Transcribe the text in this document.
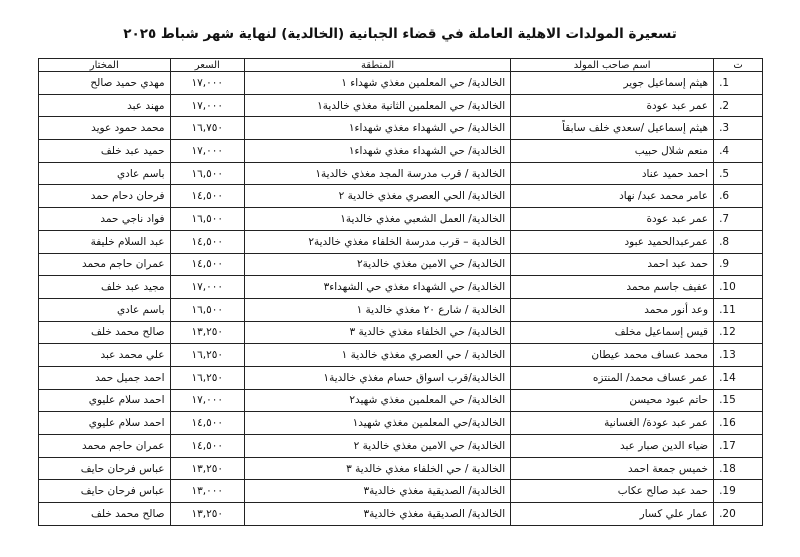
تسعيرة المولدات الاهلية العاملة في قضاء الجبانية (الخالدية) لنهاية شهر شباط ٢٠٢٥
ت	اسم صاحب المولد	المنطقة	السعر	المختار
1.	هيثم إسماعيل جوير	الخالدية/ حي المعلمين مغذي شهداء ١	١٧,٠٠٠	مهدي حميد صالح
2.	عمر عبد عودة	الخالدية/ حي المعلمين الثانية مغذي خالدية١	١٧,٠٠٠	مهند عبد
3.	هيثم إسماعيل /سعدي خلف سابقاً	الخالدية/ حي الشهداء مغذي شهداء١	١٦,٧٥٠	محمد حمود عويد
4.	منعم شلال حبيب	الخالدية/ حي الشهداء مغذي شهداء١	١٧,٠٠٠	حميد عبد خلف
5.	احمد حميد عناد	الخالدية / قرب مدرسة المجد مغذي خالدية١	١٦,٥٠٠	باسم عادي
6.	عامر محمد عبد/ نهاد	الخالدية/ الحي العصري مغذي خالدية ٢	١٤,٥٠٠	فرحان دحام حمد
7.	عمر عبد عودة	الخالدية/ العمل الشعبي مغذي خالدية١	١٦,٥٠٠	فواد ناجي حمد
8.	عمرعبدالحميد عبود	الخالدية – قرب مدرسة الخلفاء مغذي خالدية٢	١٤,٥٠٠	عبد السلام خليفة
9.	حمد عبد احمد	الخالدية/ حي الامين مغذي خالدية٢	١٤,٥٠٠	عمران حاجم محمد
10.	عفيف جاسم محمد	الخالدية/ حي الشهداء مغذي حي الشهداء٣	١٧,٠٠٠	مجيد عبد خلف
11.	وعد أنور محمد	الخالدية / شارع ٢٠ مغذي خالدية ١	١٦,٥٠٠	باسم عادي
12.	قيس إسماعيل مخلف	الخالدية/ حي الخلفاء مغذي خالدية ٣	١٣,٢٥٠	صالح محمد خلف
13.	محمد عساف محمد عيطان	الخالدية / حي العصري مغذي خالدية ١	١٦,٢٥٠	علي محمد عبد
14.	عمر عساف محمد/ المنتزه	الخالدية/قرب اسواق حسام مغذي خالدية١	١٦,٢٥٠	احمد جميل حمد
15.	حاتم عبود محيسن	الخالدية/ حي المعلمين مغذي شهيد٢	١٧,٠٠٠	احمد سلام عليوي
16.	عمر عبد عودة/ الغسانية	الخالدية/حي المعلمين مغذي شهيد١	١٤,٥٠٠	احمد سلام عليوي
17.	ضياء الدين صبار عبد	الخالدية/ حي الامين مغذي خالدية ٢	١٤,٥٠٠	عمران حاجم محمد
18.	خميس جمعة احمد	الخالدية / حي الخلفاء مغذي خالدية ٣	١٣,٢٥٠	عباس فرحان حايف
19.	حمد عبد صالح عكاب	الخالدية/ الصديقية مغذي خالدية٣	١٣,٠٠٠	عباس فرحان حايف
20.	عمار علي كسار	الخالدية/ الصديقية مغذي خالدية٣	١٣,٢٥٠	صالح محمد خلف
